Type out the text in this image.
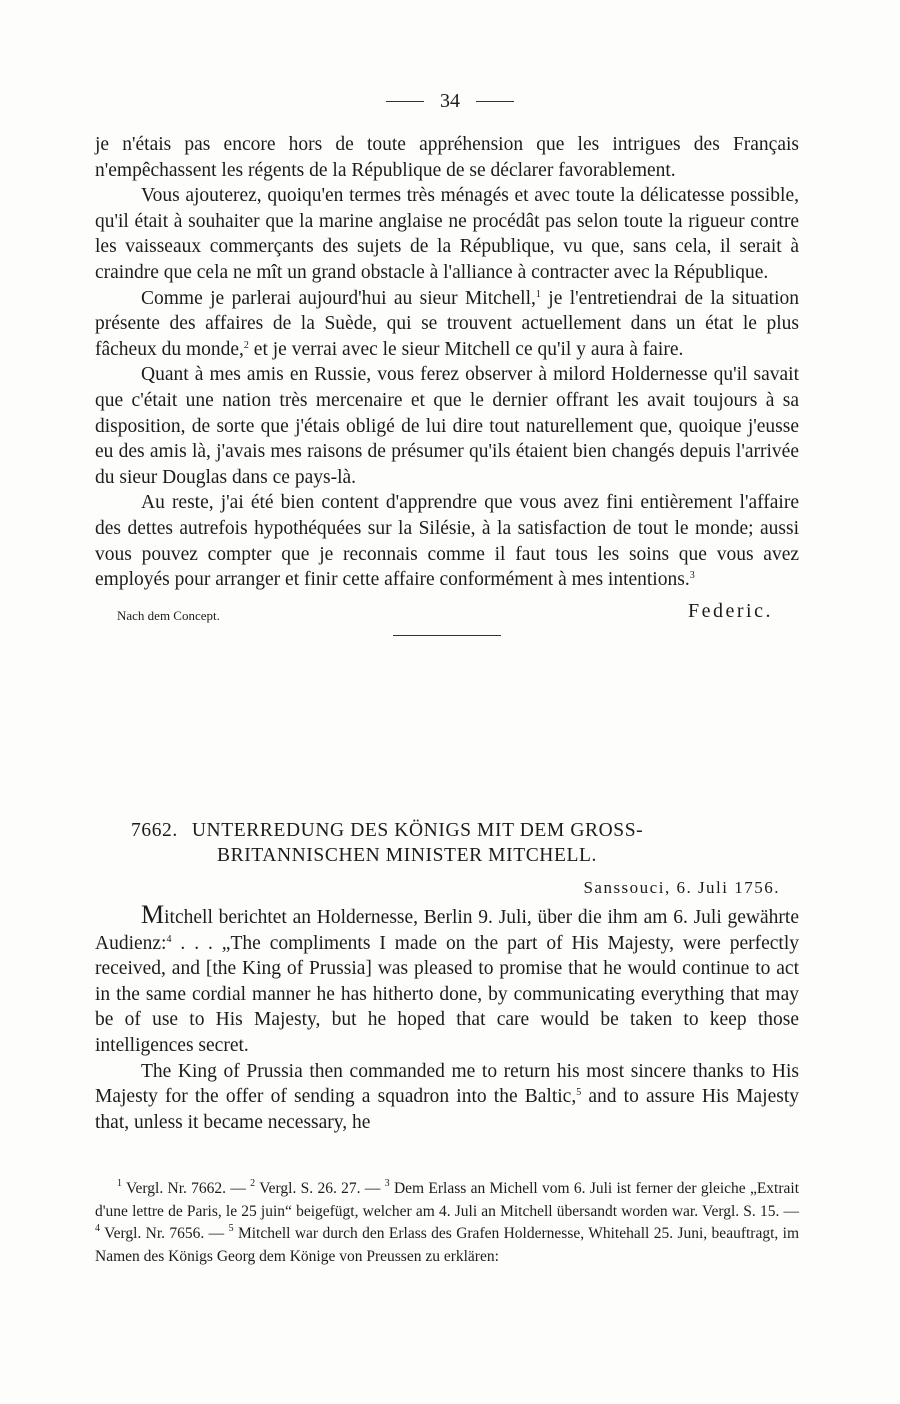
34

je n'étais pas encore hors de toute appréhension que les intrigues des Français n'empêchassent les régents de la République de se déclarer favorablement.

Vous ajouterez, quoiqu'en termes très ménagés et avec toute la délicatesse possible, qu'il était à souhaiter que la marine anglaise ne procédât pas selon toute la rigueur contre les vaisseaux commerçants des sujets de la République, vu que, sans cela, il serait à craindre que cela ne mît un grand obstacle à l'alliance à contracter avec la République.

Comme je parlerai aujourd'hui au sieur Mitchell,$^1$ je l'entretiendrai de la situation présente des affaires de la Suède, qui se trouvent actuellement dans un état le plus fâcheux du monde,$^2$ et je verrai avec le sieur Mitchell ce qu'il y aura à faire.

Quant à mes amis en Russie, vous ferez observer à milord Holdernesse qu'il savait que c'était une nation très mercenaire et que le dernier offrant les avait toujours à sa disposition, de sorte que j'étais obligé de lui dire tout naturellement que, quoique j'eusse eu des amis là, j'avais mes raisons de présumer qu'ils étaient bien changés depuis l'arrivée du sieur Douglas dans ce pays-là.

Au reste, j'ai été bien content d'apprendre que vous avez fini entièrement l'affaire des dettes autrefois hypothéquées sur la Silésie, à la satisfaction de tout le monde; aussi vous pouvez compter que je reconnais comme il faut tous les soins que vous avez employés pour arranger et finir cette affaire conformément à mes intentions.$^3$

Nach dem Concept.	Federic.
7662. UNTERREDUNG DES KÖNIGS MIT DEM GROSS-
BRITANNISCHEN MINISTER MITCHELL.
Sanssouci, 6. Juli 1756.

Mitchell berichtet an Holdernesse, Berlin 9. Juli, über die ihm am 6. Juli gewährte Audienz:$^4$ . . . „The compliments I made on the part of His Majesty, were perfectly received, and [the King of Prussia] was pleased to promise that he would continue to act in the same cordial manner he has hitherto done, by communicating everything that may be of use to His Majesty, but he hoped that care would be taken to keep those intelligences secret.

The King of Prussia then commanded me to return his most sincere thanks to His Majesty for the offer of sending a squadron into the Baltic,$^5$ and to assure His Majesty that, unless it became necessary, he

$^1$ Vergl. Nr. 7662. — $^2$ Vergl. S. 26. 27. — $^3$ Dem Erlass an Michell vom 6. Juli ist ferner der gleiche „Extrait d'une lettre de Paris, le 25 juin“ beigefügt, welcher am 4. Juli an Mitchell übersandt worden war. Vergl. S. 15. — $^4$ Vergl. Nr. 7656. — $^5$ Mitchell war durch den Erlass des Grafen Holdernesse, Whitehall 25. Juni, beauftragt, im Namen des Königs Georg dem Könige von Preussen zu erklären:
